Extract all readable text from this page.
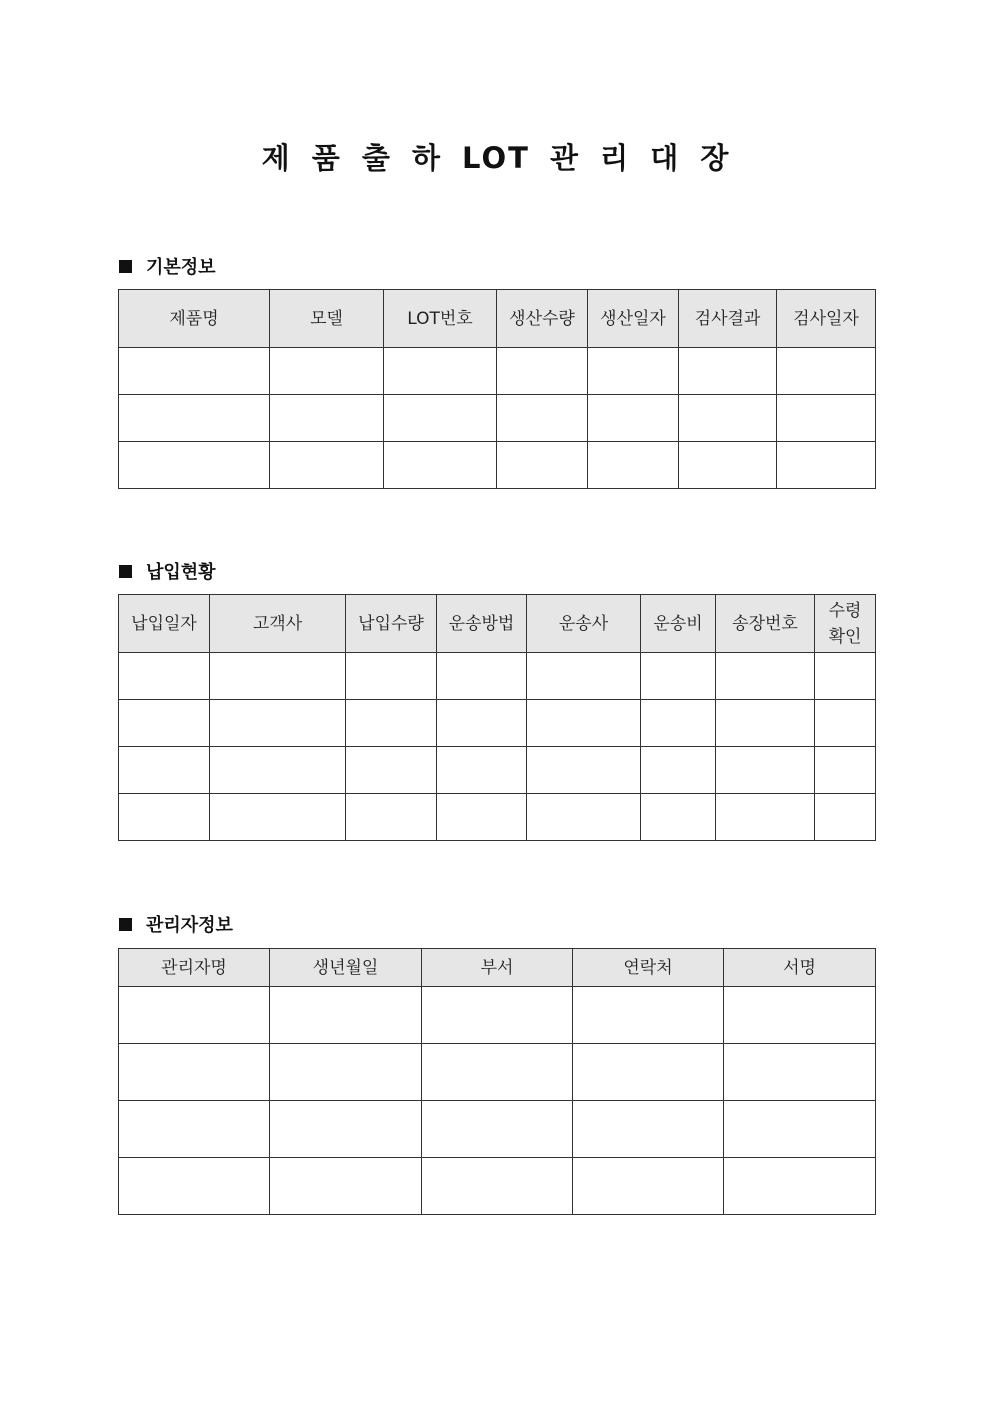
제 품 출 하 LOT 관 리 대 장
기본정보
제품명	모델	LOT번호	생산수량	생산일자	검사결과	검사일자

납입현황
납입일자	고객사	납입수량	운송방법	운송사	운송비	송장번호	수령
확인

관리자정보
관리자명	생년월일	부서	연락처	서명
